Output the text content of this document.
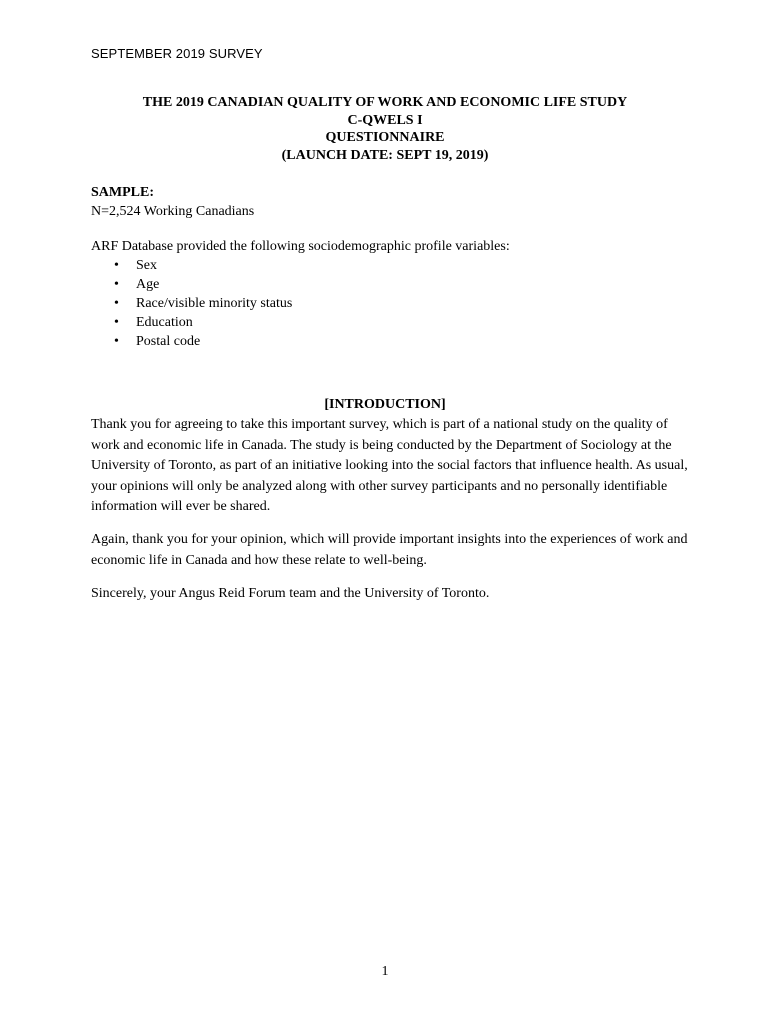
SEPTEMBER 2019 SURVEY
THE 2019 CANADIAN QUALITY OF WORK AND ECONOMIC LIFE STUDY
C-QWELS I
QUESTIONNAIRE
(LAUNCH DATE: SEPT 19, 2019)
SAMPLE:
N=2,524 Working Canadians
ARF Database provided the following sociodemographic profile variables:
• Sex
• Age
• Race/visible minority status
• Education
• Postal code
[INTRODUCTION]

Thank you for agreeing to take this important survey, which is part of a national study on the quality of work and economic life in Canada. The study is being conducted by the Department of Sociology at the University of Toronto, as part of an initiative looking into the social factors that influence health. As usual, your opinions will only be analyzed along with other survey participants and no personally identifiable information will ever be shared.

Again, thank you for your opinion, which will provide important insights into the experiences of work and economic life in Canada and how these relate to well-being.

Sincerely, your Angus Reid Forum team and the University of Toronto.

1
